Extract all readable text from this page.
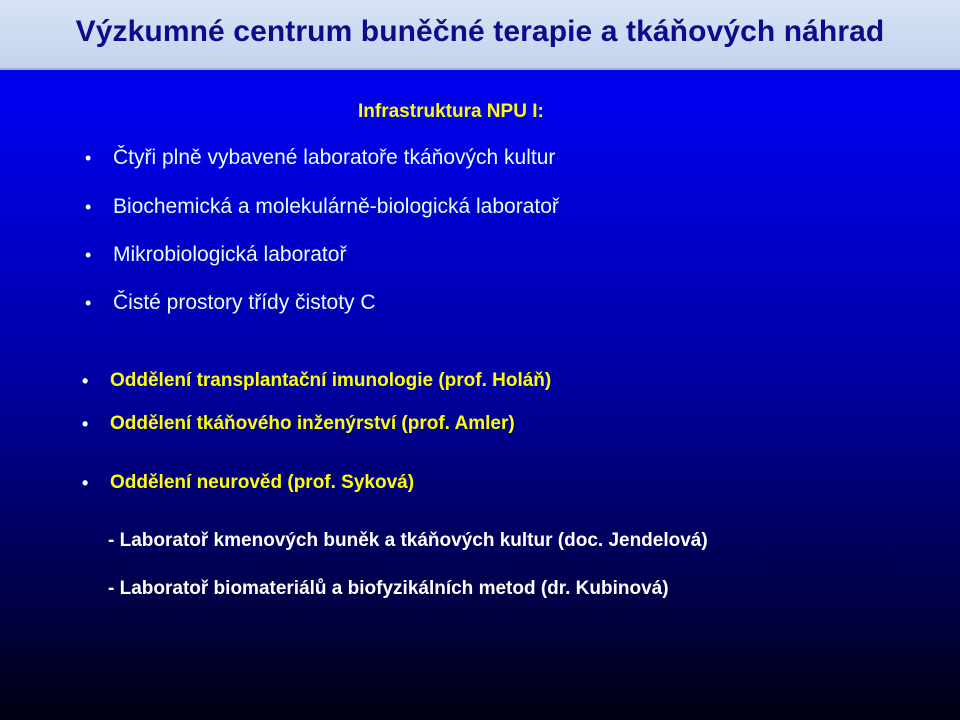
Výzkumné centrum buněčné terapie a tkáňových náhrad
Infrastruktura NPU I:
• Čtyři plně vybavené laboratoře tkáňových kultur
• Biochemická a molekulárně-biologická laboratoř
• Mikrobiologická laboratoř
• Čisté prostory třídy čistoty C
• Oddělení transplantační imunologie (prof. Holáň)
• Oddělení tkáňového inženýrství (prof. Amler)
• Oddělení neurověd (prof. Syková)
- Laboratoř kmenových buněk a tkáňových kultur (doc. Jendelová)
- Laboratoř biomateriálů a biofyzikálních metod (dr. Kubinová)
